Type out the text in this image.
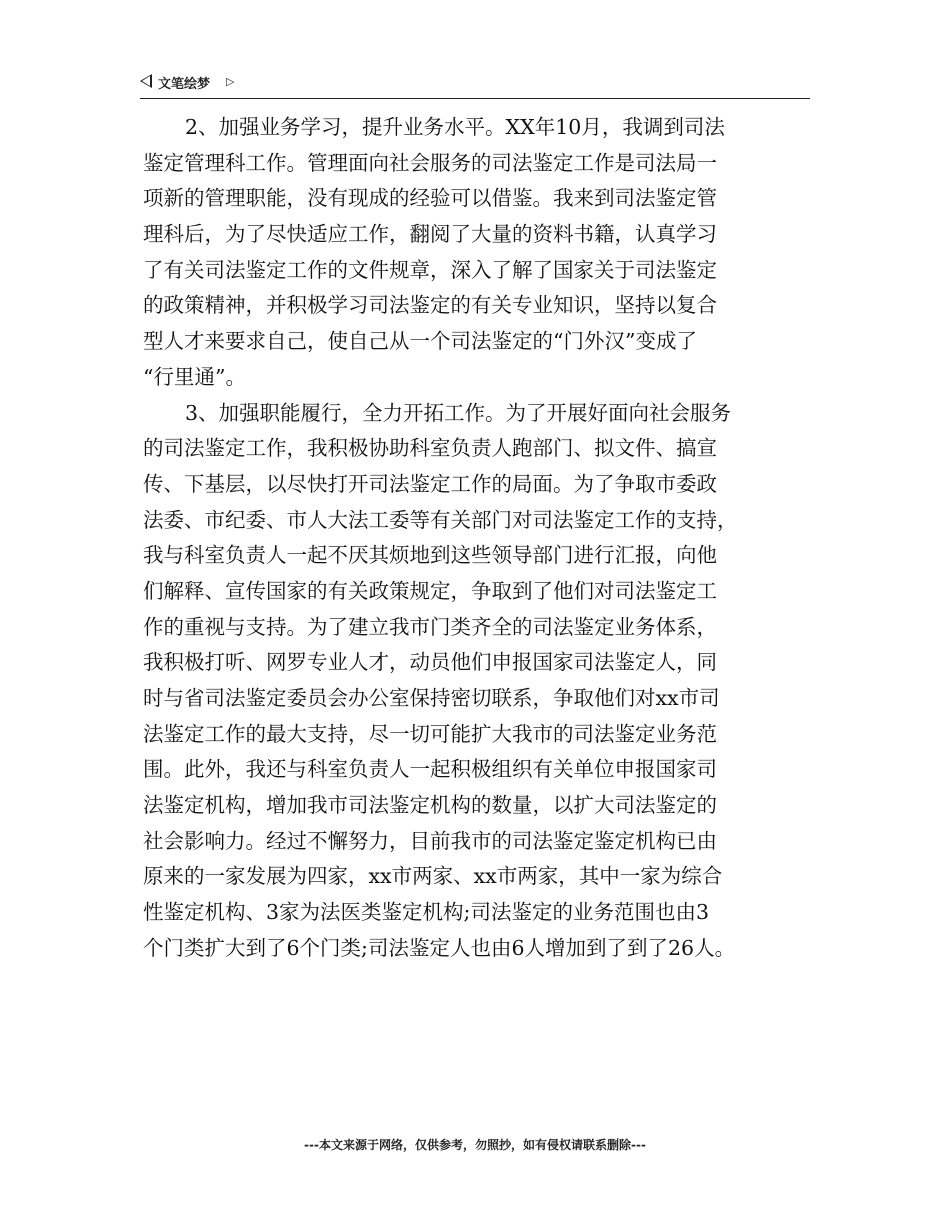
文笔绘梦 ▷
2、加强业务学习，提升业务水平。XX年10月，我调到司法
鉴定管理科工作。管理面向社会服务的司法鉴定工作是司法局一
项新的管理职能，没有现成的经验可以借鉴。我来到司法鉴定管
理科后，为了尽快适应工作，翻阅了大量的资料书籍，认真学习
了有关司法鉴定工作的文件规章，深入了解了国家关于司法鉴定
的政策精神，并积极学习司法鉴定的有关专业知识，坚持以复合
型人才来要求自己，使自己从一个司法鉴定的“门外汉”变成了
“行里通”。
3、加强职能履行，全力开拓工作。为了开展好面向社会服务
的司法鉴定工作，我积极协助科室负责人跑部门、拟文件、搞宣
传、下基层，以尽快打开司法鉴定工作的局面。为了争取市委政
法委、市纪委、市人大法工委等有关部门对司法鉴定工作的支持，
我与科室负责人一起不厌其烦地到这些领导部门进行汇报，向他
们解释、宣传国家的有关政策规定，争取到了他们对司法鉴定工
作的重视与支持。为了建立我市门类齐全的司法鉴定业务体系，
我积极打听、网罗专业人才，动员他们申报国家司法鉴定人，同
时与省司法鉴定委员会办公室保持密切联系，争取他们对xx市司
法鉴定工作的最大支持，尽一切可能扩大我市的司法鉴定业务范
围。此外，我还与科室负责人一起积极组织有关单位申报国家司
法鉴定机构，增加我市司法鉴定机构的数量，以扩大司法鉴定的
社会影响力。经过不懈努力，目前我市的司法鉴定鉴定机构已由
原来的一家发展为四家，xx市两家、xx市两家，其中一家为综合
性鉴定机构、3家为法医类鉴定机构;司法鉴定的业务范围也由3
个门类扩大到了6个门类;司法鉴定人也由6人增加到了到了26人。
---本文来源于网络，仅供参考，勿照抄，如有侵权请联系删除---
